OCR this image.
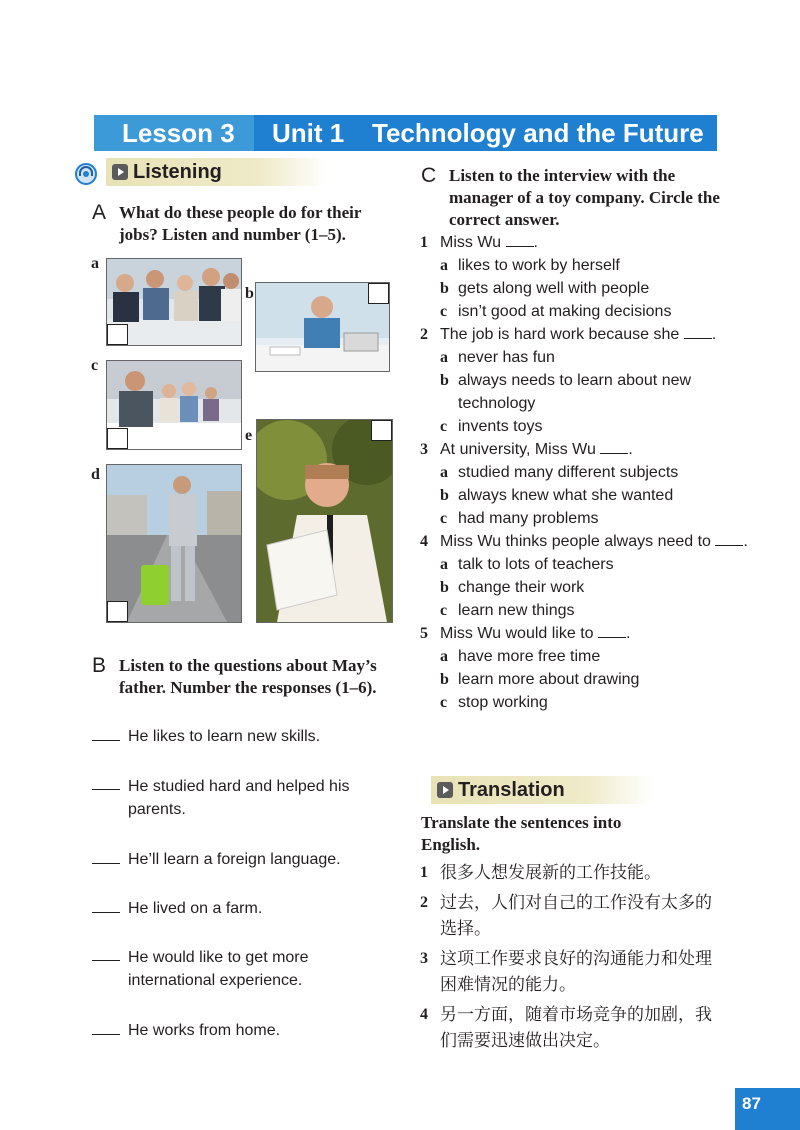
Lesson 3 Unit 1 Technology and the Future
Listening
A What do these people do for their jobs? Listen and number (1–5).
a
b
c
d
e
B Listen to the questions about May’s father. Number the responses (1–6).
He likes to learn new skills.
He studied hard and helped his parents.
He’ll learn a foreign language.
He lived on a farm.
He would like to get more international experience.
He works from home.
C Listen to the interview with the manager of a toy company. Circle the correct answer.
1 Miss Wu .
a likes to work by herself
b gets along well with people
c isn’t good at making decisions
2 The job is hard work because she .
a never has fun
b always needs to learn about new technology
c invents toys
3 At university, Miss Wu .
a studied many different subjects
b always knew what she wanted
c had many problems
4 Miss Wu thinks people always need to .
a talk to lots of teachers
b change their work
c learn new things
5 Miss Wu would like to .
a have more free time
b learn more about drawing
c stop working
Translation
Translate the sentences into English.
1 很多人想发展新的工作技能。
2 过去，人们对自己的工作没有太多的选择。
3 这项工作要求良好的沟通能力和处理困难情况的能力。
4 另一方面，随着市场竞争的加剧，我们需要迅速做出决定。
87
